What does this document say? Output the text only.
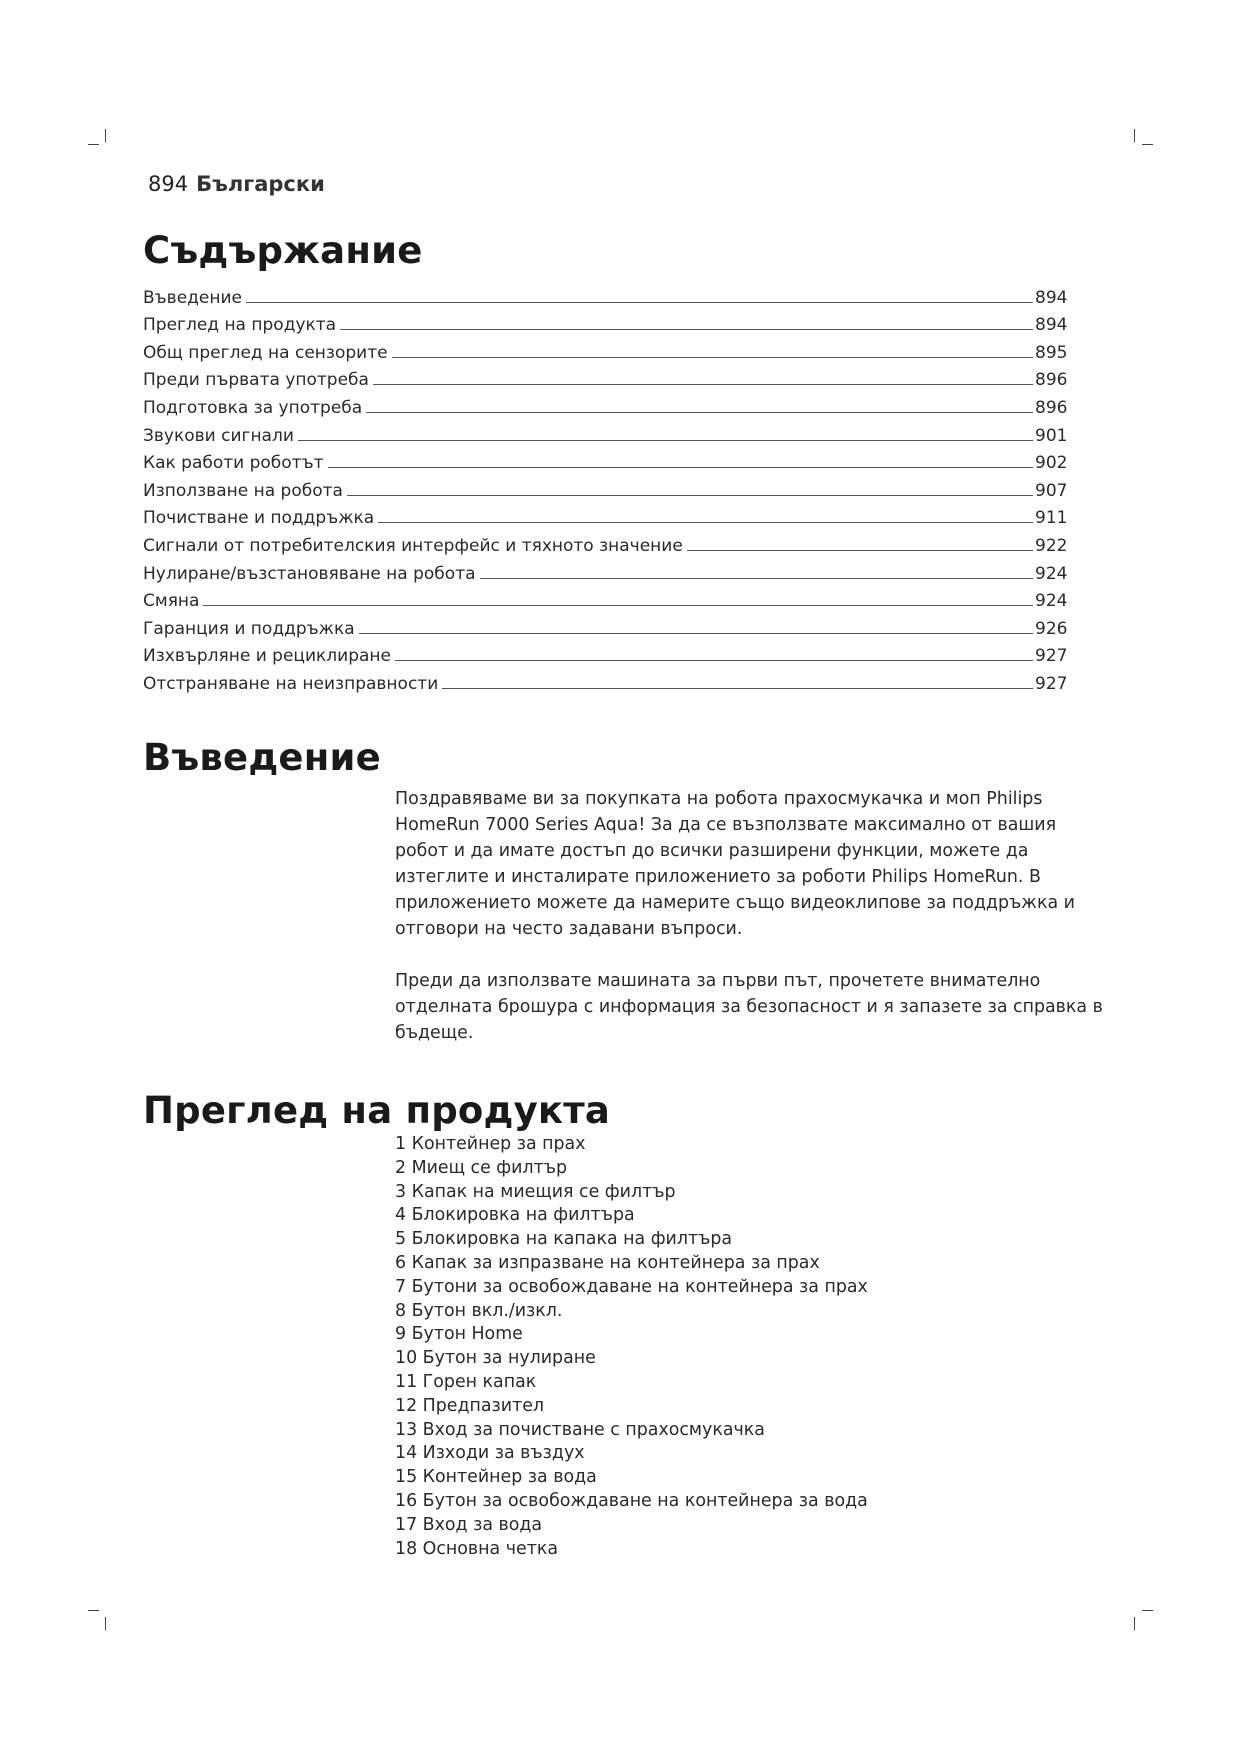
894 Български
Съдържание
Въведение	894
Преглед на продукта	894
Общ преглед на сензорите	895
Преди първата употреба	896
Подготовка за употреба	896
Звукови сигнали	901
Как работи роботът	902
Използване на робота	907
Почистване и поддръжка	911
Сигнали от потребителския интерфейс и тяхното значение	922
Нулиране/възстановяване на робота	924
Смяна	924
Гаранция и поддръжка	926
Изхвърляне и рециклиране	927
Отстраняване на неизправности	927
Въведение

Поздравяваме ви за покупката на робота прахосмукачка и моп Philips HomeRun 7000 Series Aqua! За да се възползвате максимално от вашия робот и да имате достъп до всички разширени функции, можете да изтеглите и инсталирате приложението за роботи Philips HomeRun. В приложението можете да намерите също видеоклипове за поддръжка и отговори на често задавани въпроси.

Преди да използвате машината за първи път, прочетете внимателно отделната брошура с информация за безопасност и я запазете за справка в бъдеще.

Преглед на продукта
1 Контейнер за прах
2 Миещ се филтър
3 Капак на миещия се филтър
4 Блокировка на филтъра
5 Блокировка на капака на филтъра
6 Капак за изпразване на контейнера за прах
7 Бутони за освобождаване на контейнера за прах
8 Бутон вкл./изкл.
9 Бутон Home
10 Бутон за нулиране
11 Горен капак
12 Предпазител
13 Вход за почистване с прахосмукачка
14 Изходи за въздух
15 Контейнер за вода
16 Бутон за освобождаване на контейнера за вода
17 Вход за вода
18 Основна четка
